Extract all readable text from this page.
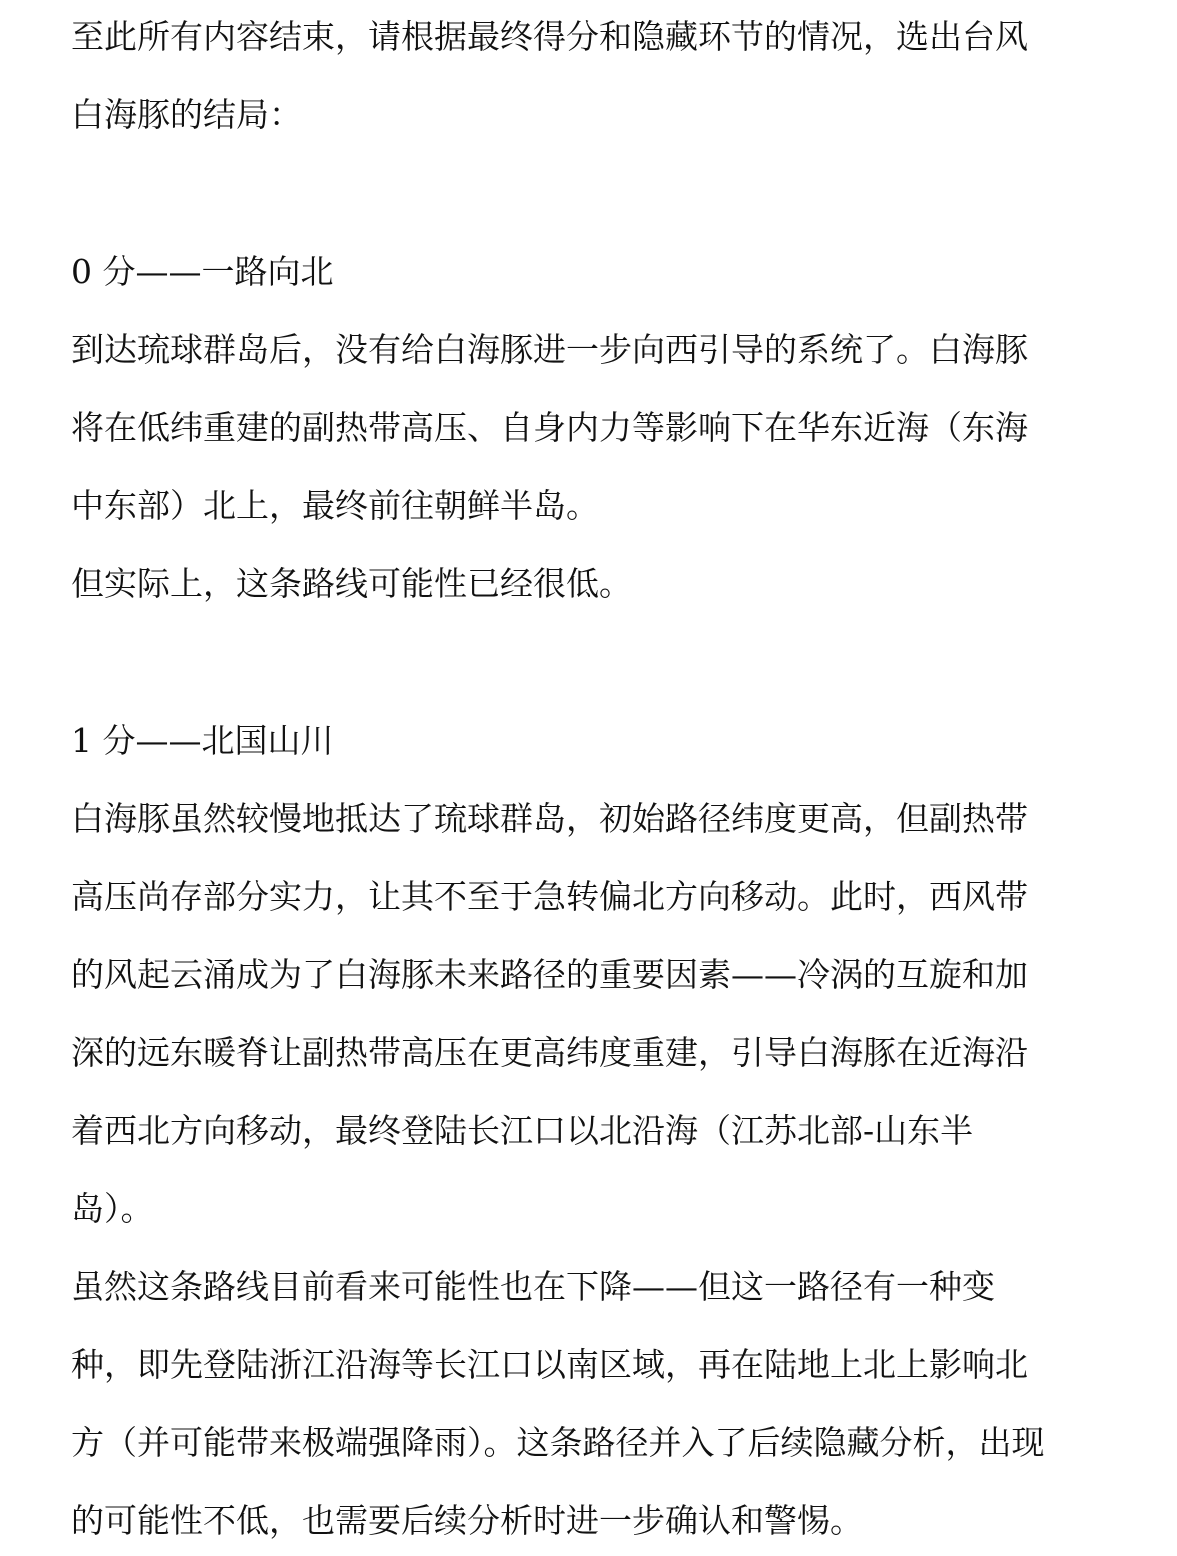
至此所有内容结束，请根据最终得分和隐藏环节的情况，选出台风
白海豚的结局：
0 分——一路向北
到达琉球群岛后，没有给白海豚进一步向西引导的系统了。白海豚
将在低纬重建的副热带高压、自身内力等影响下在华东近海（东海
中东部）北上，最终前往朝鲜半岛。
但实际上，这条路线可能性已经很低。
1 分——北国山川
白海豚虽然较慢地抵达了琉球群岛，初始路径纬度更高，但副热带
高压尚存部分实力，让其不至于急转偏北方向移动。此时，西风带
的风起云涌成为了白海豚未来路径的重要因素——冷涡的互旋和加
深的远东暖脊让副热带高压在更高纬度重建，引导白海豚在近海沿
着西北方向移动，最终登陆长江口以北沿海（江苏北部-山东半
岛）。
虽然这条路线目前看来可能性也在下降——但这一路径有一种变
种，即先登陆浙江沿海等长江口以南区域，再在陆地上北上影响北
方（并可能带来极端强降雨）。这条路径并入了后续隐藏分析，出现
的可能性不低，也需要后续分析时进一步确认和警惕。
